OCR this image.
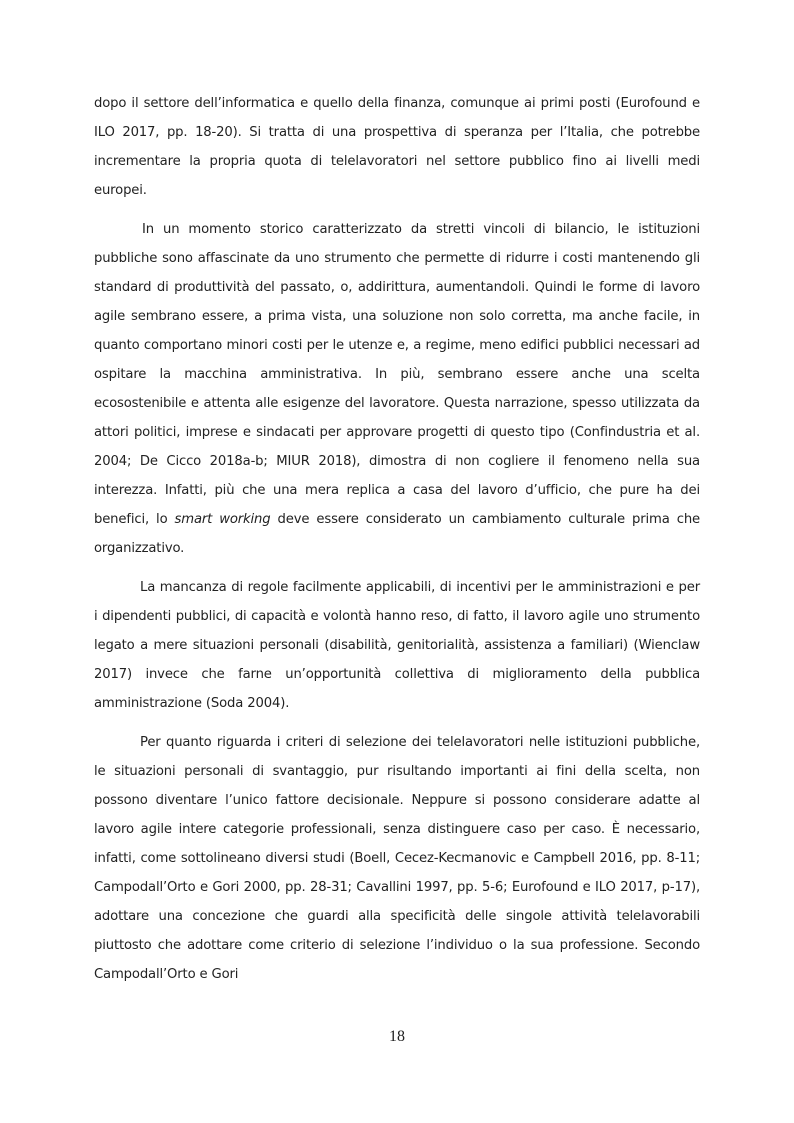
dopo il settore dell’informatica e quello della finanza, comunque ai primi posti (Eurofound e ILO 2017, pp. 18-20). Si tratta di una prospettiva di speranza per l’Italia, che potrebbe incrementare la propria quota di telelavoratori nel settore pubblico fino ai livelli medi europei.

In un momento storico caratterizzato da stretti vincoli di bilancio, le istituzioni pubbliche sono affascinate da uno strumento che permette di ridurre i costi mantenendo gli standard di produttività del passato, o, addirittura, aumentandoli. Quindi le forme di lavoro agile sembrano essere, a prima vista, una soluzione non solo corretta, ma anche facile, in quanto comportano minori costi per le utenze e, a regime, meno edifici pubblici necessari ad ospitare la macchina amministrativa. In più, sembrano essere anche una scelta ecosostenibile e attenta alle esigenze del lavoratore. Questa narrazione, spesso utilizzata da attori politici, imprese e sindacati per approvare progetti di questo tipo (Confindustria et al. 2004; De Cicco 2018a-b; MIUR 2018), dimostra di non cogliere il fenomeno nella sua interezza. Infatti, più che una mera replica a casa del lavoro d’ufficio, che pure ha dei benefici, lo smart working deve essere considerato un cambiamento culturale prima che organizzativo.

La mancanza di regole facilmente applicabili, di incentivi per le amministrazioni e per i dipendenti pubblici, di capacità e volontà hanno reso, di fatto, il lavoro agile uno strumento legato a mere situazioni personali (disabilità, genitorialità, assistenza a familiari) (Wienclaw 2017) invece che farne un’opportunità collettiva di miglioramento della pubblica amministrazione (Soda 2004).

Per quanto riguarda i criteri di selezione dei telelavoratori nelle istituzioni pubbliche, le situazioni personali di svantaggio, pur risultando importanti ai fini della scelta, non possono diventare l’unico fattore decisionale. Neppure si possono considerare adatte al lavoro agile intere categorie professionali, senza distinguere caso per caso. È necessario, infatti, come sottolineano diversi studi (Boell, Cecez-Kecmanovic e Campbell 2016, pp. 8-11; Campodall’Orto e Gori 2000, pp. 28-31; Cavallini 1997, pp. 5-6; Eurofound e ILO 2017, p-17), adottare una concezione che guardi alla specificità delle singole attività telelavorabili piuttosto che adottare come criterio di selezione l’individuo o la sua professione. Secondo Campodall’Orto e Gori

18
